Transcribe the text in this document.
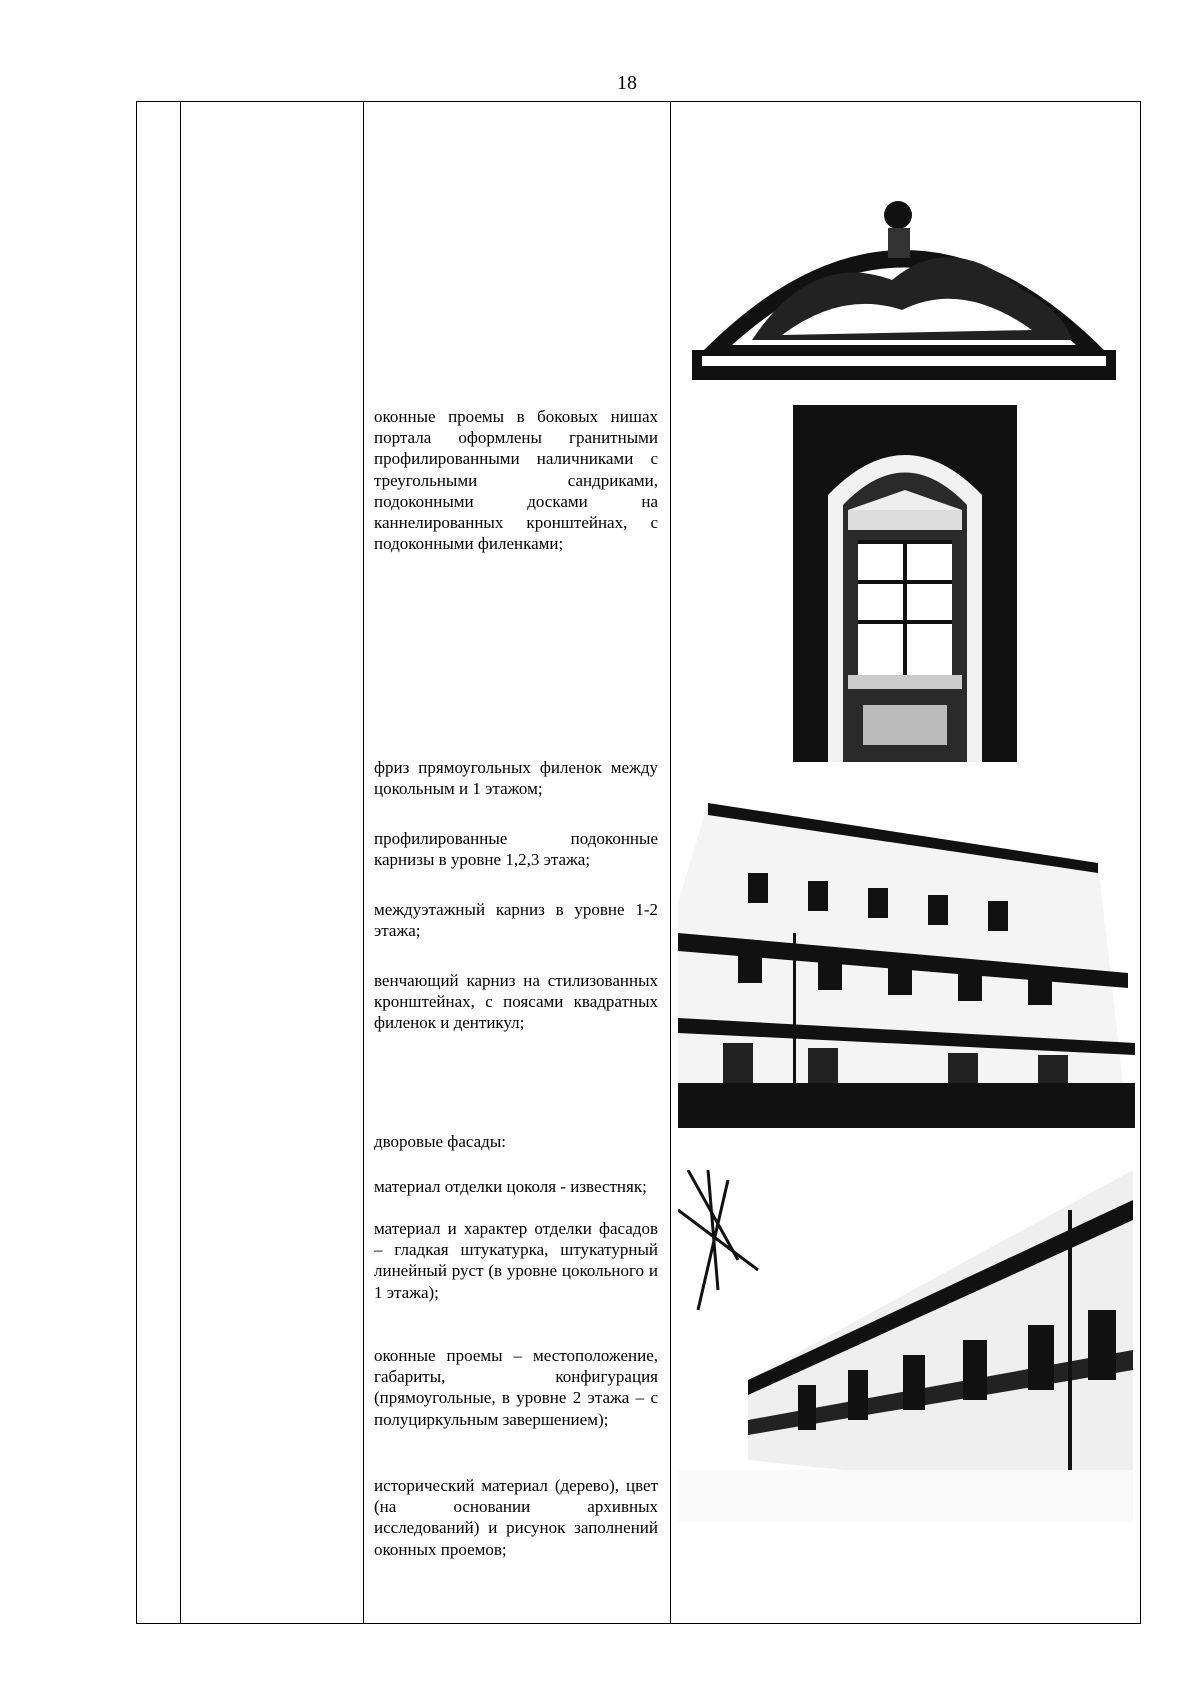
18

оконные проемы в боковых нишах портала оформлены гранитными профилированными наличниками с треугольными сандриками, подоконными досками на каннелированных кронштейнах, с подоконными филенками;

фриз прямоугольных филенок между цокольным и 1 этажом;

профилированные подоконные карнизы в уровне 1,2,3 этажа;

междуэтажный карниз в уровне 1-2 этажа;

венчающий карниз на стилизованных кронштейнах, с поясами квадратных филенок и дентикул;

дворовые фасады:

материал отделки цоколя - известняк;

материал и характер отделки фасадов – гладкая штукатурка, штукатурный линейный руст (в уровне цокольного и 1 этажа);

оконные проемы – местоположение, габариты, конфигурация (прямоугольные, в уровне 2 этажа – с полуциркульным завершением);

исторический материал (дерево), цвет (на основании архивных исследований) и рисунок заполнений оконных проемов;
